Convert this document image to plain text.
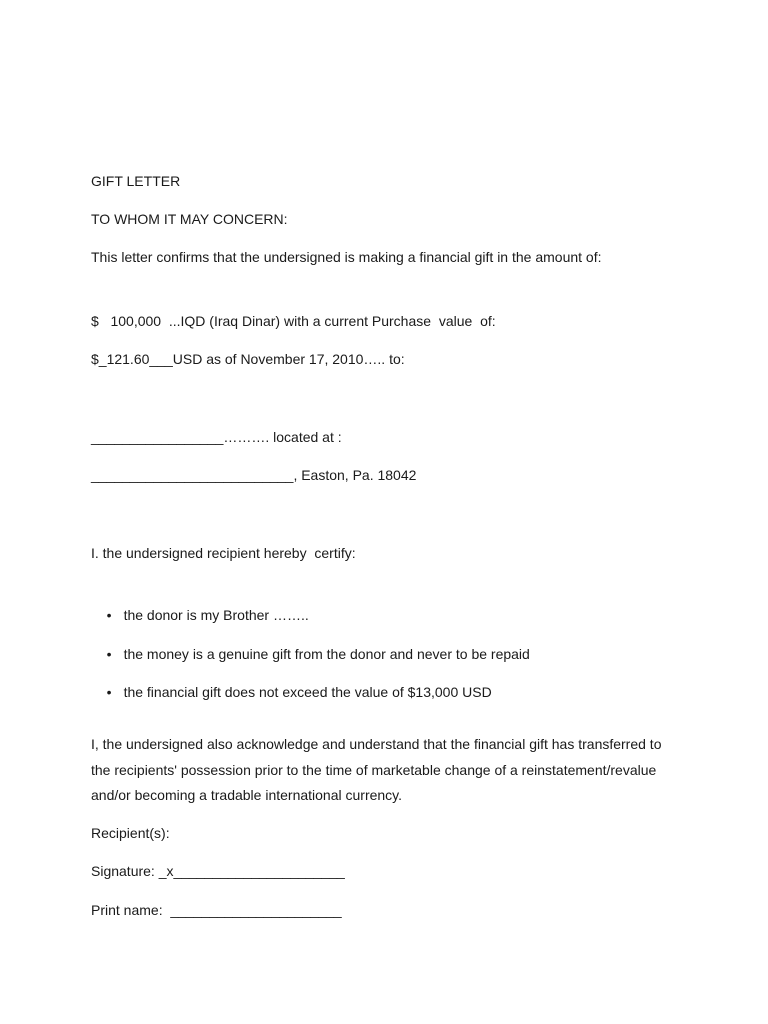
GIFT LETTER
TO WHOM IT MAY CONCERN:
This letter confirms that the undersigned is making a financial gift in the amount of:
$   100,000  ...IQD (Iraq Dinar) with a current Purchase  value  of:
$_121.60___USD as of November 17, 2010….. to:
_________________………. located at :
__________________________, Easton, Pa. 18042
I. the undersigned recipient hereby  certify:

• the donor is my Brother ……..

• the money is a genuine gift from the donor and never to be repaid

• the financial gift does not exceed the value of $13,000 USD

I, the undersigned also acknowledge and understand that the financial gift has transferred to the recipients' possession prior to the time of marketable change of a reinstatement/revalue and/or becoming a tradable international currency.
Recipient(s):
Signature: _x______________________
Print name:  ______________________
